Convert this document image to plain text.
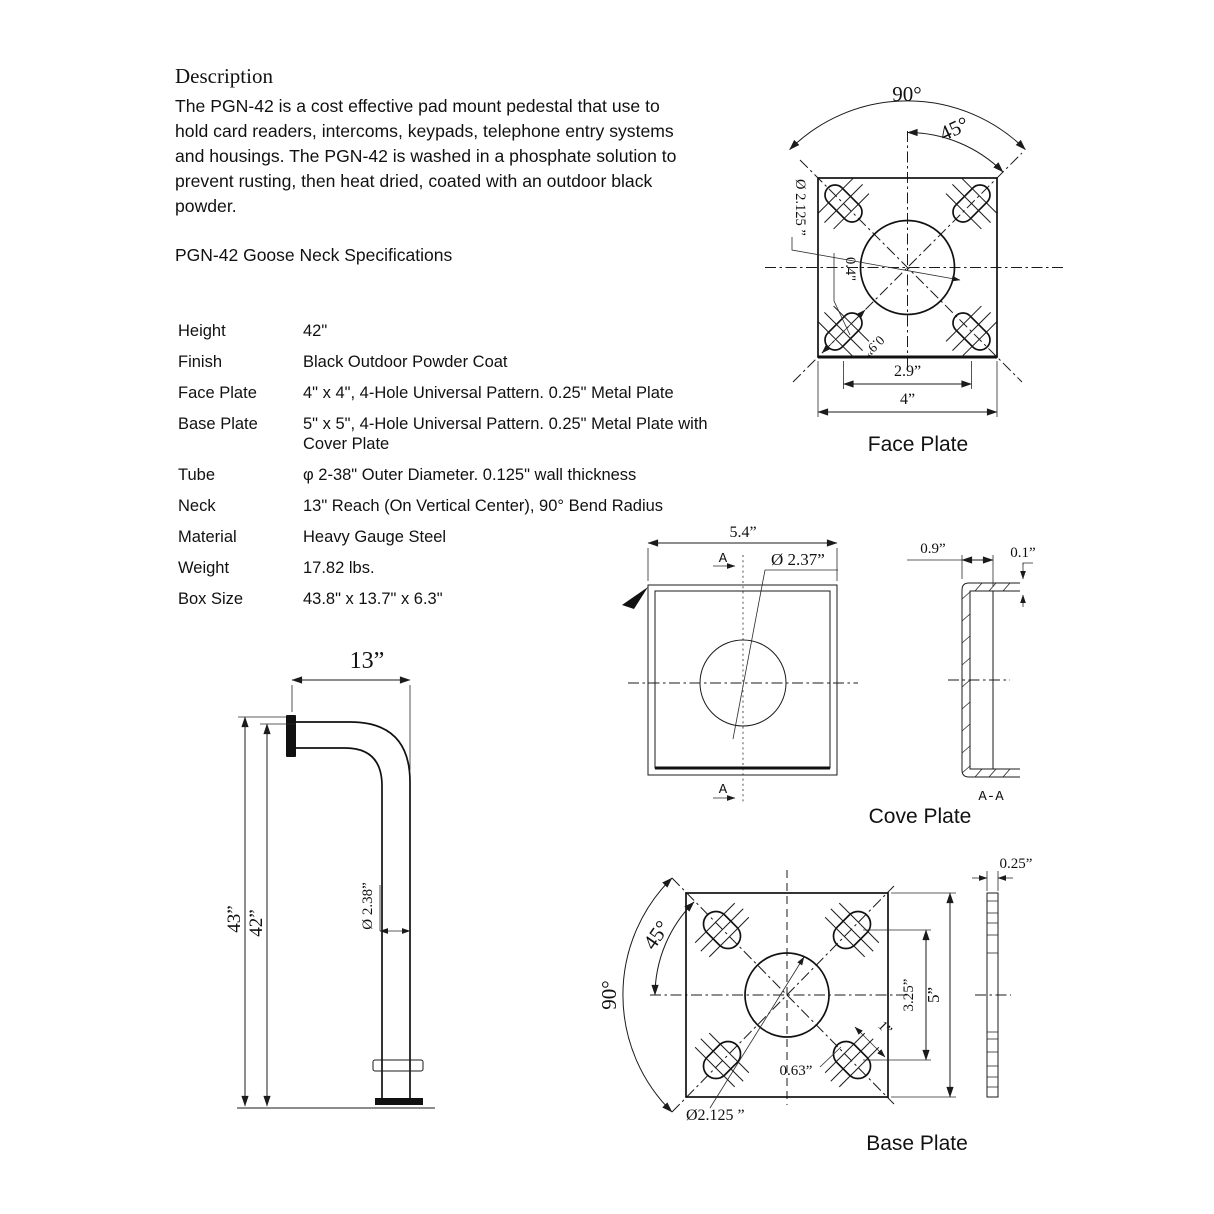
Description
The PGN-42 is a cost effective pad mount pedestal that use to hold card readers, intercoms, keypads, telephone entry systems and housings. The PGN-42 is washed in a phosphate solution to prevent rusting, then heat dried, coated with an outdoor black powder.
PGN-42 Goose Neck Specifications
Height	42"
Finish	Black Outdoor Powder Coat
Face Plate	4" x 4", 4-Hole Universal Pattern. 0.25" Metal Plate
Base Plate	5" x 5", 4-Hole Universal Pattern. 0.25" Metal Plate with Cover Plate
Tube	φ 2-38" Outer Diameter. 0.125" wall thickness
Neck	13" Reach (On Vertical Center), 90° Bend Radius
Material	Heavy Gauge Steel
Weight	17.82 lbs.
Box Size	43.8" x 13.7" x 6.3"
90°
45°
Ø 2.125 ”
0.4"
0.9”
2.9”
4”
Face Plate
5.4”
A	Ø 2.37”
A
0.9”	0.1”
A-A
Cove Plate
13”
43” 42”	Ø 2.38”
90°
45°
3.25” 5”
1”
0.63”
Ø2.125 ”
0.25”
Base Plate
